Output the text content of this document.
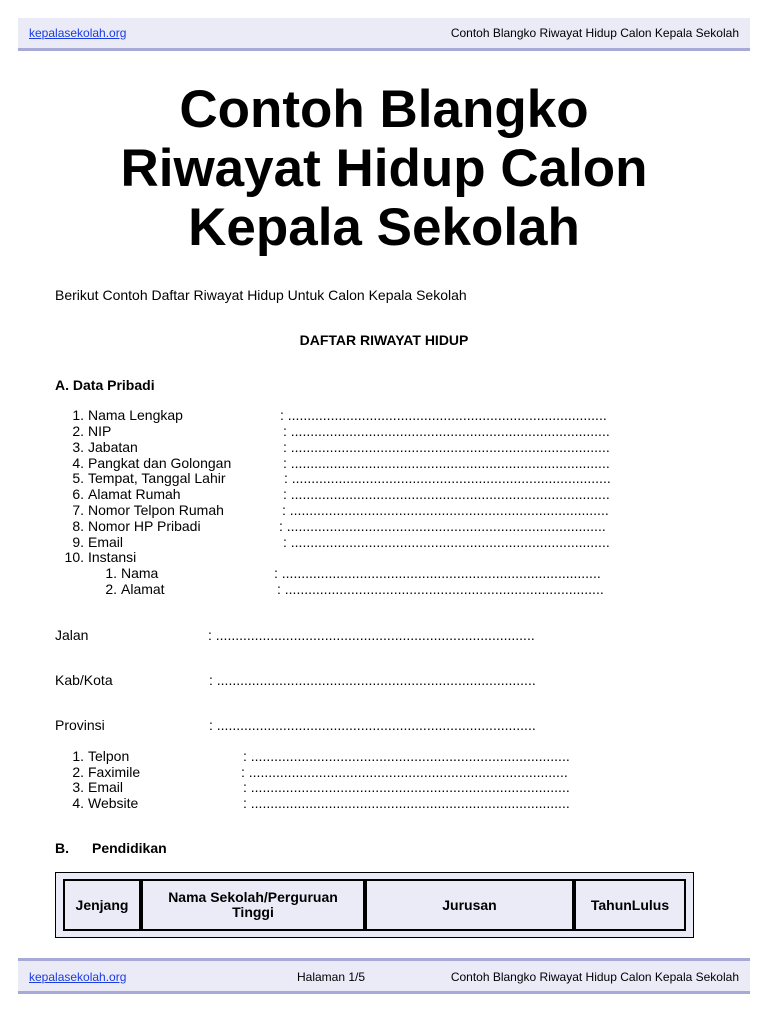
kepalasekolah.org	Contoh Blangko Riwayat Hidup Calon Kepala Sekolah
Contoh Blangko
Riwayat Hidup Calon
Kepala Sekolah
Berikut Contoh Daftar Riwayat Hidup Untuk Calon Kepala Sekolah
DAFTAR RIWAYAT HIDUP
A. Data Pribadi
1. Nama Lengkap	: ..................................................................................
2. NIP	: ..................................................................................
3. Jabatan	: ..................................................................................
4. Pangkat dan Golongan	: ..................................................................................
5. Tempat, Tanggal Lahir	: ..................................................................................
6. Alamat Rumah	: ..................................................................................
7. Nomor Telpon Rumah	: ..................................................................................
8. Nomor HP Pribadi	: ..................................................................................
9. Email	: ..................................................................................
10. Instansi
1. Nama	: ..................................................................................
2. Alamat	: ..................................................................................
Jalan	: ..................................................................................
Kab/Kota	: ..................................................................................
Provinsi	: ..................................................................................
1. Telpon	: ..................................................................................
2. Faximile	: ..................................................................................
3. Email	: ..................................................................................
4. Website	: ..................................................................................
B. Pendidikan
Jenjang	Nama Sekolah/Perguruan Tinggi	Jurusan	TahunLulus
kepalasekolah.org	Halaman 1/5	Contoh Blangko Riwayat Hidup Calon Kepala Sekolah
